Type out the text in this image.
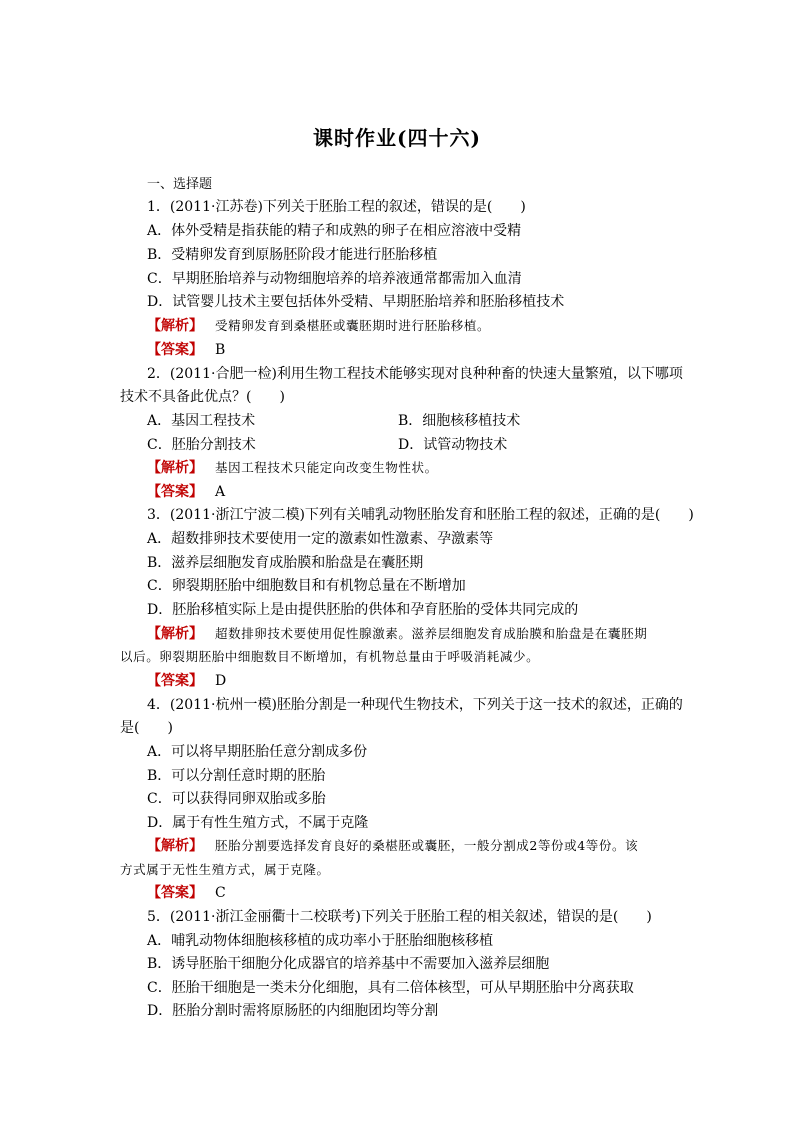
课时作业(四十六)
一、选择题
1．(2011·江苏卷)下列关于胚胎工程的叙述，错误的是(　　)
A．体外受精是指获能的精子和成熟的卵子在相应溶液中受精
B．受精卵发育到原肠胚阶段才能进行胚胎移植
C．早期胚胎培养与动物细胞培养的培养液通常都需加入血清
D．试管婴儿技术主要包括体外受精、早期胚胎培养和胚胎移植技术
【解析】 受精卵发育到桑椹胚或囊胚期时进行胚胎移植。
【答案】 B
2．(2011·合肥一检)利用生物工程技术能够实现对良种种畜的快速大量繁殖，以下哪项
技术不具备此优点？(　　)
A．基因工程技术	B．细胞核移植技术
C．胚胎分割技术	D．试管动物技术
【解析】 基因工程技术只能定向改变生物性状。
【答案】 A
3．(2011·浙江宁波二模)下列有关哺乳动物胚胎发育和胚胎工程的叙述，正确的是(　　)
A．超数排卵技术要使用一定的激素如性激素、孕激素等
B．滋养层细胞发育成胎膜和胎盘是在囊胚期
C．卵裂期胚胎中细胞数目和有机物总量在不断增加
D．胚胎移植实际上是由提供胚胎的供体和孕育胚胎的受体共同完成的
【解析】 超数排卵技术要使用促性腺激素。滋养层细胞发育成胎膜和胎盘是在囊胚期
以后。卵裂期胚胎中细胞数目不断增加，有机物总量由于呼吸消耗减少。
【答案】 D
4．(2011·杭州一模)胚胎分割是一种现代生物技术，下列关于这一技术的叙述，正确的
是(　　)
A．可以将早期胚胎任意分割成多份
B．可以分割任意时期的胚胎
C．可以获得同卵双胎或多胎
D．属于有性生殖方式，不属于克隆
【解析】 胚胎分割要选择发育良好的桑椹胚或囊胚，一般分割成2等份或4等份。该
方式属于无性生殖方式，属于克隆。
【答案】 C
5．(2011·浙江金丽衢十二校联考)下列关于胚胎工程的相关叙述，错误的是(　　)
A．哺乳动物体细胞核移植的成功率小于胚胎细胞核移植
B．诱导胚胎干细胞分化成器官的培养基中不需要加入滋养层细胞
C．胚胎干细胞是一类未分化细胞，具有二倍体核型，可从早期胚胎中分离获取
D．胚胎分割时需将原肠胚的内细胞团均等分割
